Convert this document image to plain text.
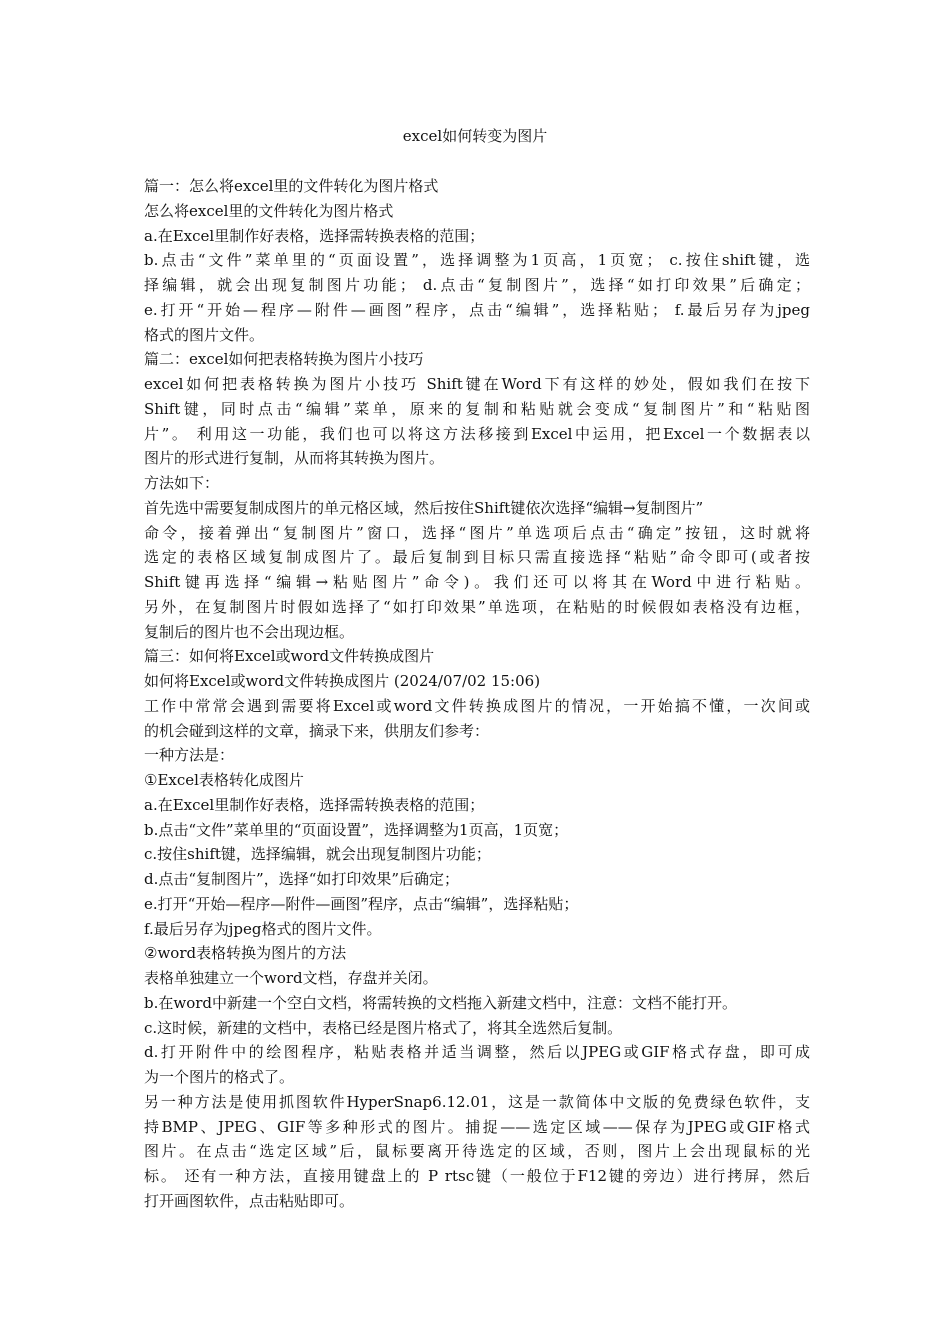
excel如何转变为图片
篇一：怎么将excel里的文件转化为图片格式
怎么将excel里的文件转化为图片格式
a.在Excel里制作好表格，选择需转换表格的范围；
b.点击“文件”菜单里的“页面设置”，选择调整为1页高，1页宽； c.按住shift键，选
择编辑，就会出现复制图片功能； d.点击“复制图片”，选择“如打印效果”后确定；
e.打开“开始—程序—附件—画图”程序，点击“编辑”，选择粘贴； f.最后另存为jpeg
格式的图片文件。
篇二：excel如何把表格转换为图片小技巧
excel如何把表格转换为图片小技巧 Shift键在Word下有这样的妙处，假如我们在按下
Shift键，同时点击“编辑”菜单，原来的复制和粘贴就会变成“复制图片”和“粘贴图
片”。 利用这一功能，我们也可以将这方法移接到Excel中运用，把Excel一个数据表以
图片的形式进行复制，从而将其转换为图片。
方法如下：
首先选中需要复制成图片的单元格区域，然后按住Shift键依次选择“编辑→复制图片”
命令，接着弹出“复制图片”窗口，选择“图片”单选项后点击“确定”按钮，这时就将
选定的表格区域复制成图片了。最后复制到目标只需直接选择“粘贴”命令即可(或者按
Shift键再选择“编辑→粘贴图片”命令)。我们还可以将其在Word中进行粘贴。
另外，在复制图片时假如选择了“如打印效果”单选项，在粘贴的时候假如表格没有边框，
复制后的图片也不会出现边框。
篇三：如何将Excel或word文件转换成图片
如何将Excel或word文件转换成图片 (2024/07/02 15:06)
工作中常常会遇到需要将Excel或word文件转换成图片的情况，一开始搞不懂，一次间或
的机会碰到这样的文章，摘录下来，供朋友们参考：
一种方法是：
①Excel表格转化成图片
a.在Excel里制作好表格，选择需转换表格的范围；
b.点击“文件”菜单里的“页面设置”，选择调整为1页高，1页宽；
c.按住shift键，选择编辑，就会出现复制图片功能；
d.点击“复制图片”，选择“如打印效果”后确定；
e.打开“开始—程序—附件—画图”程序，点击“编辑”，选择粘贴；
f.最后另存为jpeg格式的图片文件。
②word表格转换为图片的方法
表格单独建立一个word文档，存盘并关闭。
b.在word中新建一个空白文档，将需转换的文档拖入新建文档中，注意：文档不能打开。
c.这时候，新建的文档中，表格已经是图片格式了，将其全选然后复制。
d.打开附件中的绘图程序，粘贴表格并适当调整，然后以JPEG或GIF格式存盘，即可成
为一个图片的格式了。
另一种方法是使用抓图软件HyperSnap6.12.01，这是一款简体中文版的免费绿色软件，支
持BMP、JPEG、GIF等多种形式的图片。捕捉——选定区域——保存为JPEG或GIF格式
图片。在点击“选定区域”后，鼠标要离开待选定的区域，否则，图片上会出现鼠标的光
标。 还有一种方法，直接用键盘上的 P rtsc键（一般位于F12键的旁边）进行拷屏，然后
打开画图软件，点击粘贴即可。
